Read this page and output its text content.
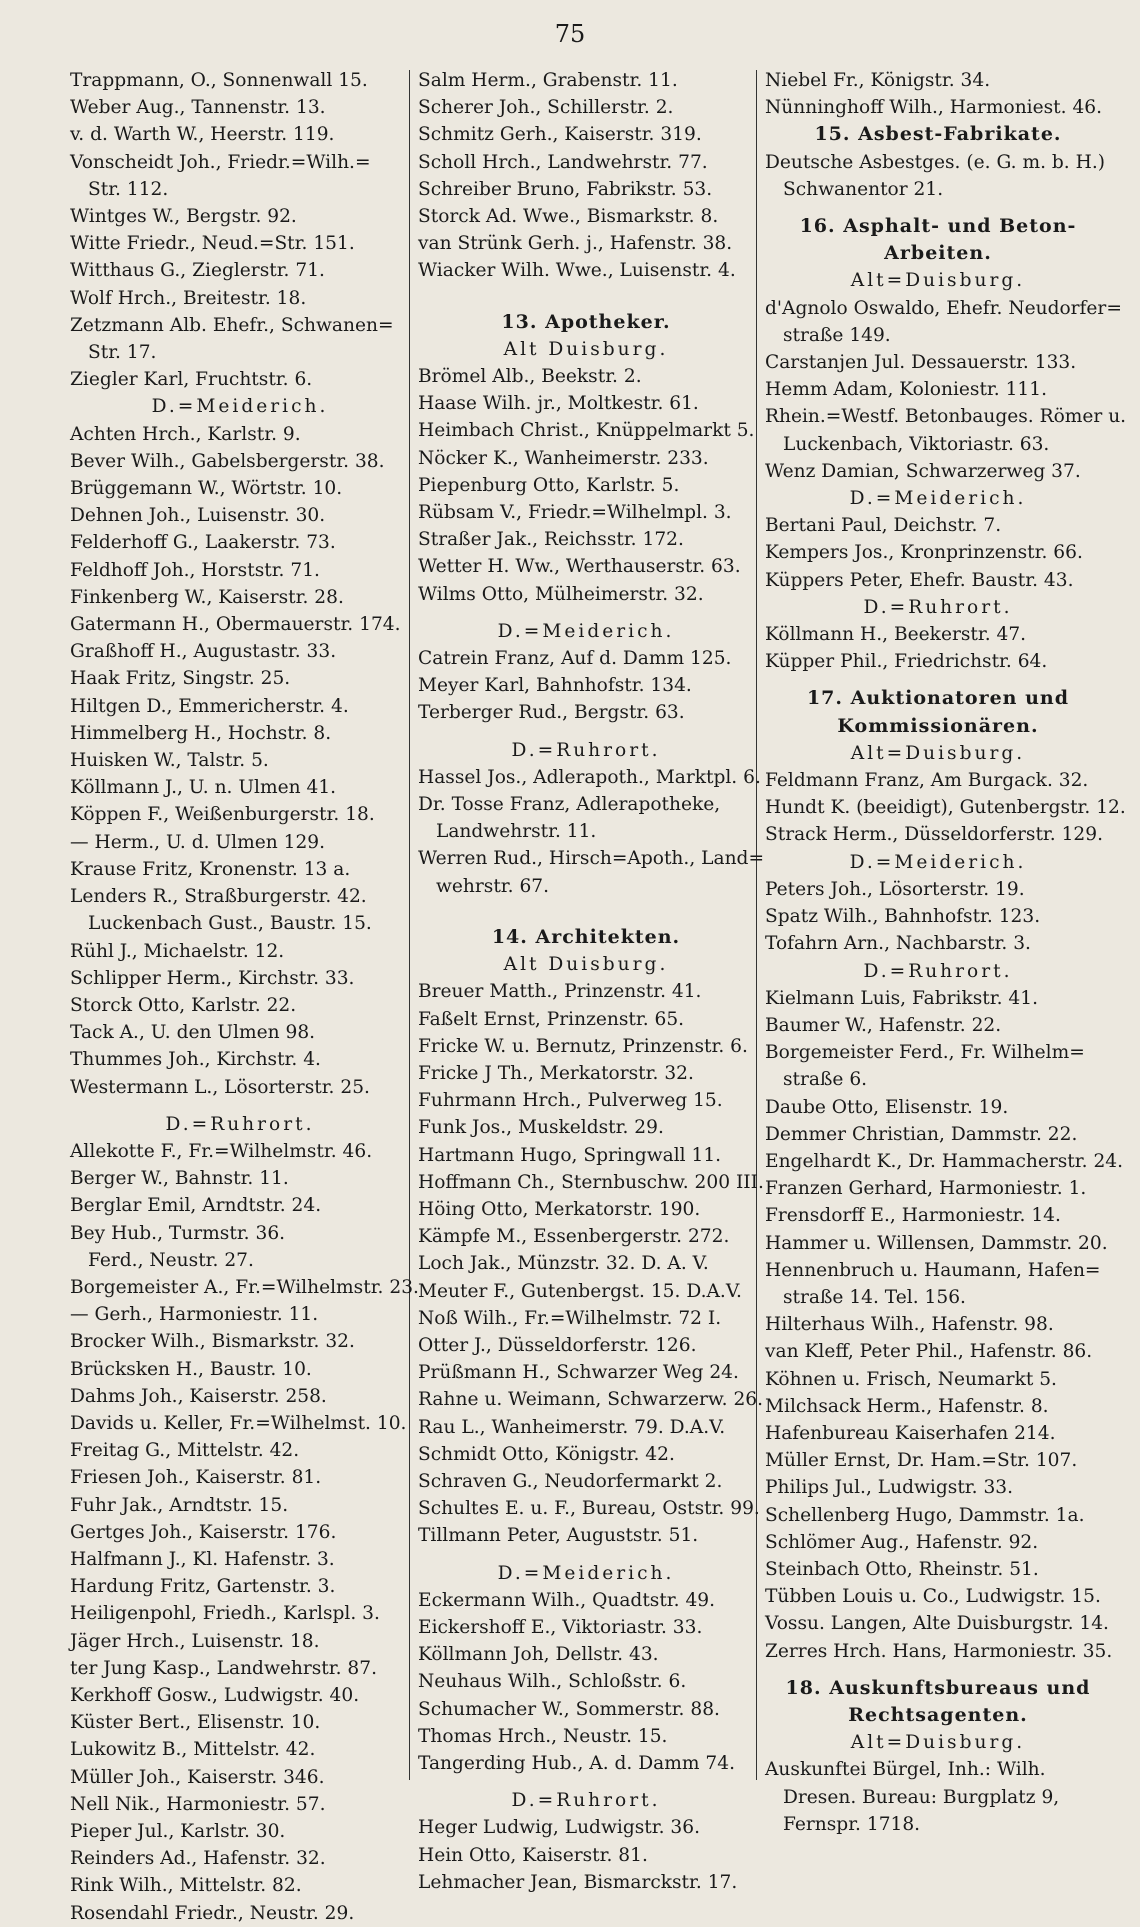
75
Trappmann, O., Sonnenwall 15.
Weber Aug., Tannenstr. 13.
v. d. Warth W., Heerstr. 119.
Vonscheidt Joh., Friedr.=Wilh.=
Str. 112.
Wintges W., Bergstr. 92.
Witte Friedr., Neud.=Str. 151.
Witthaus G., Zieglerstr. 71.
Wolf Hrch., Breitestr. 18.
Zetzmann Alb. Ehefr., Schwanen=
Str. 17.
Ziegler Karl, Fruchtstr. 6.
D.=Meiderich.
Achten Hrch., Karlstr. 9.
Bever Wilh., Gabelsbergerstr. 38.
Brüggemann W., Wörtstr. 10.
Dehnen Joh., Luisenstr. 30.
Felderhoff G., Laakerstr. 73.
Feldhoff Joh., Horststr. 71.
Finkenberg W., Kaiserstr. 28.
Gatermann H., Obermauerstr. 174.
Graßhoff H., Augustastr. 33.
Haak Fritz, Singstr. 25.
Hiltgen D., Emmericherstr. 4.
Himmelberg H., Hochstr. 8.
Huisken W., Talstr. 5.
Köllmann J., U. n. Ulmen 41.
Köppen F., Weißenburgerstr. 18.
— Herm., U. d. Ulmen 129.
Krause Fritz, Kronenstr. 13 a.
Lenders R., Straßburgerstr. 42.
Luckenbach Gust., Baustr. 15.
Rühl J., Michaelstr. 12.
Schlipper Herm., Kirchstr. 33.
Storck Otto, Karlstr. 22.
Tack A., U. den Ulmen 98.
Thummes Joh., Kirchstr. 4.
Westermann L., Lösorterstr. 25.
D.=Ruhrort.
Allekotte F., Fr.=Wilhelmstr. 46.
Berger W., Bahnstr. 11.
Berglar Emil, Arndtstr. 24.
Bey Hub., Turmstr. 36.
Ferd., Neustr. 27.
Borgemeister A., Fr.=Wilhelmstr. 23.
— Gerh., Harmoniestr. 11.
Brocker Wilh., Bismarkstr. 32.
Brücksken H., Baustr. 10.
Dahms Joh., Kaiserstr. 258.
Davids u. Keller, Fr.=Wilhelmst. 10.
Freitag G., Mittelstr. 42.
Friesen Joh., Kaiserstr. 81.
Fuhr Jak., Arndtstr. 15.
Gertges Joh., Kaiserstr. 176.
Halfmann J., Kl. Hafenstr. 3.
Hardung Fritz, Gartenstr. 3.
Heiligenpohl, Friedh., Karlspl. 3.
Jäger Hrch., Luisenstr. 18.
ter Jung Kasp., Landwehrstr. 87.
Kerkhoff Gosw., Ludwigstr. 40.
Küster Bert., Elisenstr. 10.
Lukowitz B., Mittelstr. 42.
Müller Joh., Kaiserstr. 346.
Nell Nik., Harmoniestr. 57.
Pieper Jul., Karlstr. 30.
Reinders Ad., Hafenstr. 32.
Rink Wilh., Mittelstr. 82.
Rosendahl Friedr., Neustr. 29.
Salm Herm., Grabenstr. 11.
Scherer Joh., Schillerstr. 2.
Schmitz Gerh., Kaiserstr. 319.
Scholl Hrch., Landwehrstr. 77.
Schreiber Bruno, Fabrikstr. 53.
Storck Ad. Wwe., Bismarkstr. 8.
van Strünk Gerh. j., Hafenstr. 38.
Wiacker Wilh. Wwe., Luisenstr. 4.
13. Apotheker.
Alt Duisburg.
Brömel Alb., Beekstr. 2.
Haase Wilh. jr., Moltkestr. 61.
Heimbach Christ., Knüppelmarkt 5.
Nöcker K., Wanheimerstr. 233.
Piepenburg Otto, Karlstr. 5.
Rübsam V., Friedr.=Wilhelmpl. 3.
Straßer Jak., Reichsstr. 172.
Wetter H. Ww., Werthauserstr. 63.
Wilms Otto, Mülheimerstr. 32.
D.=Meiderich.
Catrein Franz, Auf d. Damm 125.
Meyer Karl, Bahnhofstr. 134.
Terberger Rud., Bergstr. 63.
D.=Ruhrort.
Hassel Jos., Adlerapoth., Marktpl. 6.
Dr. Tosse Franz, Adlerapotheke,
Landwehrstr. 11.
Werren Rud., Hirsch=Apoth., Land=
wehrstr. 67.
14. Architekten.
Alt Duisburg.
Breuer Matth., Prinzenstr. 41.
Faßelt Ernst, Prinzenstr. 65.
Fricke W. u. Bernutz, Prinzenstr. 6.
Fricke J Th., Merkatorstr. 32.
Fuhrmann Hrch., Pulverweg 15.
Funk Jos., Muskeldstr. 29.
Hartmann Hugo, Springwall 11.
Hoffmann Ch., Sternbuschw. 200 III.
Höing Otto, Merkatorstr. 190.
Kämpfe M., Essenbergerstr. 272.
Loch Jak., Münzstr. 32. D. A. V.
Meuter F., Gutenbergst. 15. D.A.V.
Noß Wilh., Fr.=Wilhelmstr. 72 I.
Otter J., Düsseldorferstr. 126.
Prüßmann H., Schwarzer Weg 24.
Rahne u. Weimann, Schwarzerw. 26.
Rau L., Wanheimerstr. 79. D.A.V.
Schmidt Otto, Königstr. 42.
Schraven G., Neudorfermarkt 2.
Schultes E. u. F., Bureau, Oststr. 99.
Tillmann Peter, Auguststr. 51.
D.=Meiderich.
Eckermann Wilh., Quadtstr. 49.
Eickershoff E., Viktoriastr. 33.
Köllmann Joh, Dellstr. 43.
Neuhaus Wilh., Schloßstr. 6.
Schumacher W., Sommerstr. 88.
Thomas Hrch., Neustr. 15.
Tangerding Hub., A. d. Damm 74.
D.=Ruhrort.
Heger Ludwig, Ludwigstr. 36.
Hein Otto, Kaiserstr. 81.
Lehmacher Jean, Bismarckstr. 17.
Niebel Fr., Königstr. 34.
Nünninghoff Wilh., Harmoniest. 46.
15. Asbest-Fabrikate.
Deutsche Asbestges. (e. G. m. b. H.)
Schwanentor 21.
16. Asphalt- und Beton-
Arbeiten.
Alt=Duisburg.
d'Agnolo Oswaldo, Ehefr. Neudorfer=
straße 149.
Carstanjen Jul. Dessauerstr. 133.
Hemm Adam, Koloniestr. 111.
Rhein.=Westf. Betonbauges. Römer u.
Luckenbach, Viktoriastr. 63.
Wenz Damian, Schwarzerweg 37.
D.=Meiderich.
Bertani Paul, Deichstr. 7.
Kempers Jos., Kronprinzenstr. 66.
Küppers Peter, Ehefr. Baustr. 43.
D.=Ruhrort.
Köllmann H., Beekerstr. 47.
Küpper Phil., Friedrichstr. 64.
17. Auktionatoren und
Kommissionären.
Alt=Duisburg.
Feldmann Franz, Am Burgack. 32.
Hundt K. (beeidigt), Gutenbergstr. 12.
Strack Herm., Düsseldorferstr. 129.
D.=Meiderich.
Peters Joh., Lösorterstr. 19.
Spatz Wilh., Bahnhofstr. 123.
Tofahrn Arn., Nachbarstr. 3.
D.=Ruhrort.
Kielmann Luis, Fabrikstr. 41.
Baumer W., Hafenstr. 22.
Borgemeister Ferd., Fr. Wilhelm=
straße 6.
Daube Otto, Elisenstr. 19.
Demmer Christian, Dammstr. 22.
Engelhardt K., Dr. Hammacherstr. 24.
Franzen Gerhard, Harmoniestr. 1.
Frensdorff E., Harmoniestr. 14.
Hammer u. Willensen, Dammstr. 20.
Hennenbruch u. Haumann, Hafen=
straße 14. Tel. 156.
Hilterhaus Wilh., Hafenstr. 98.
van Kleff, Peter Phil., Hafenstr. 86.
Köhnen u. Frisch, Neumarkt 5.
Milchsack Herm., Hafenstr. 8.
Hafenbureau Kaiserhafen 214.
Müller Ernst, Dr. Ham.=Str. 107.
Philips Jul., Ludwigstr. 33.
Schellenberg Hugo, Dammstr. 1a.
Schlömer Aug., Hafenstr. 92.
Steinbach Otto, Rheinstr. 51.
Tübben Louis u. Co., Ludwigstr. 15.
Vossu. Langen, Alte Duisburgstr. 14.
Zerres Hrch. Hans, Harmoniestr. 35.
18. Auskunftsbureaus und
Rechtsagenten.
Alt=Duisburg.
Auskunftei Bürgel, Inh.: Wilh.
Dresen. Bureau: Burgplatz 9,
Fernspr. 1718.
